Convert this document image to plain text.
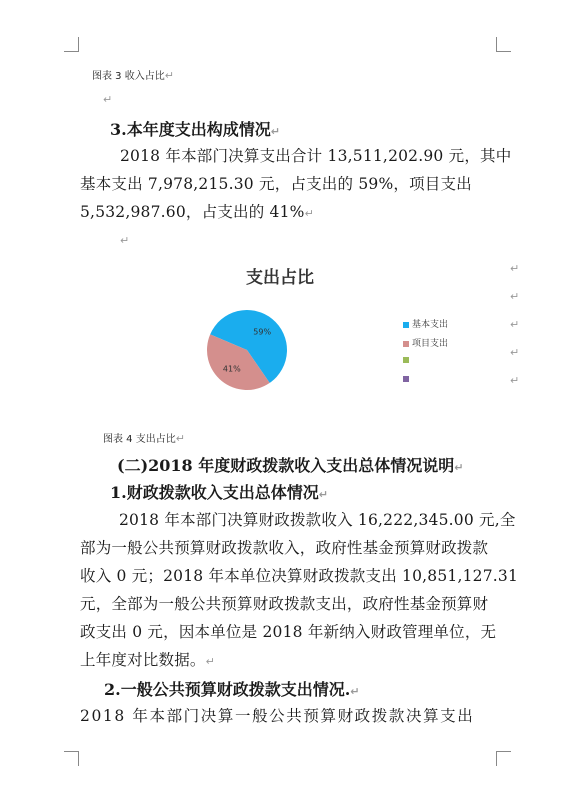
图表 3 收入占比↵
↵
3.本年度支出构成情况↵
2018 年本部门决算支出合计 13,511,202.90 元，其中
基本支出 7,978,215.30 元，占支出的 59%，项目支出
5,532,987.60，占支出的 41%↵
↵
支出占比
59%
41%
基本支出
项目支出
↵
↵
↵
↵
↵
图表 4 支出占比↵
(二)2018 年度财政拨款收入支出总体情况说明↵
1.财政拨款收入支出总体情况↵
2018 年本部门决算财政拨款收入 16,222,345.00 元,全
部为一般公共预算财政拨款收入，政府性基金预算财政拨款
收入 0 元；2018 年本单位决算财政拨款支出 10,851,127.31
元，全部为一般公共预算财政拨款支出，政府性基金预算财
政支出 0 元，因本单位是 2018 年新纳入财政管理单位，无
上年度对比数据。↵
2.一般公共预算财政拨款支出情况.↵
2018 年本部门决算一般公共预算财政拨款决算支出
